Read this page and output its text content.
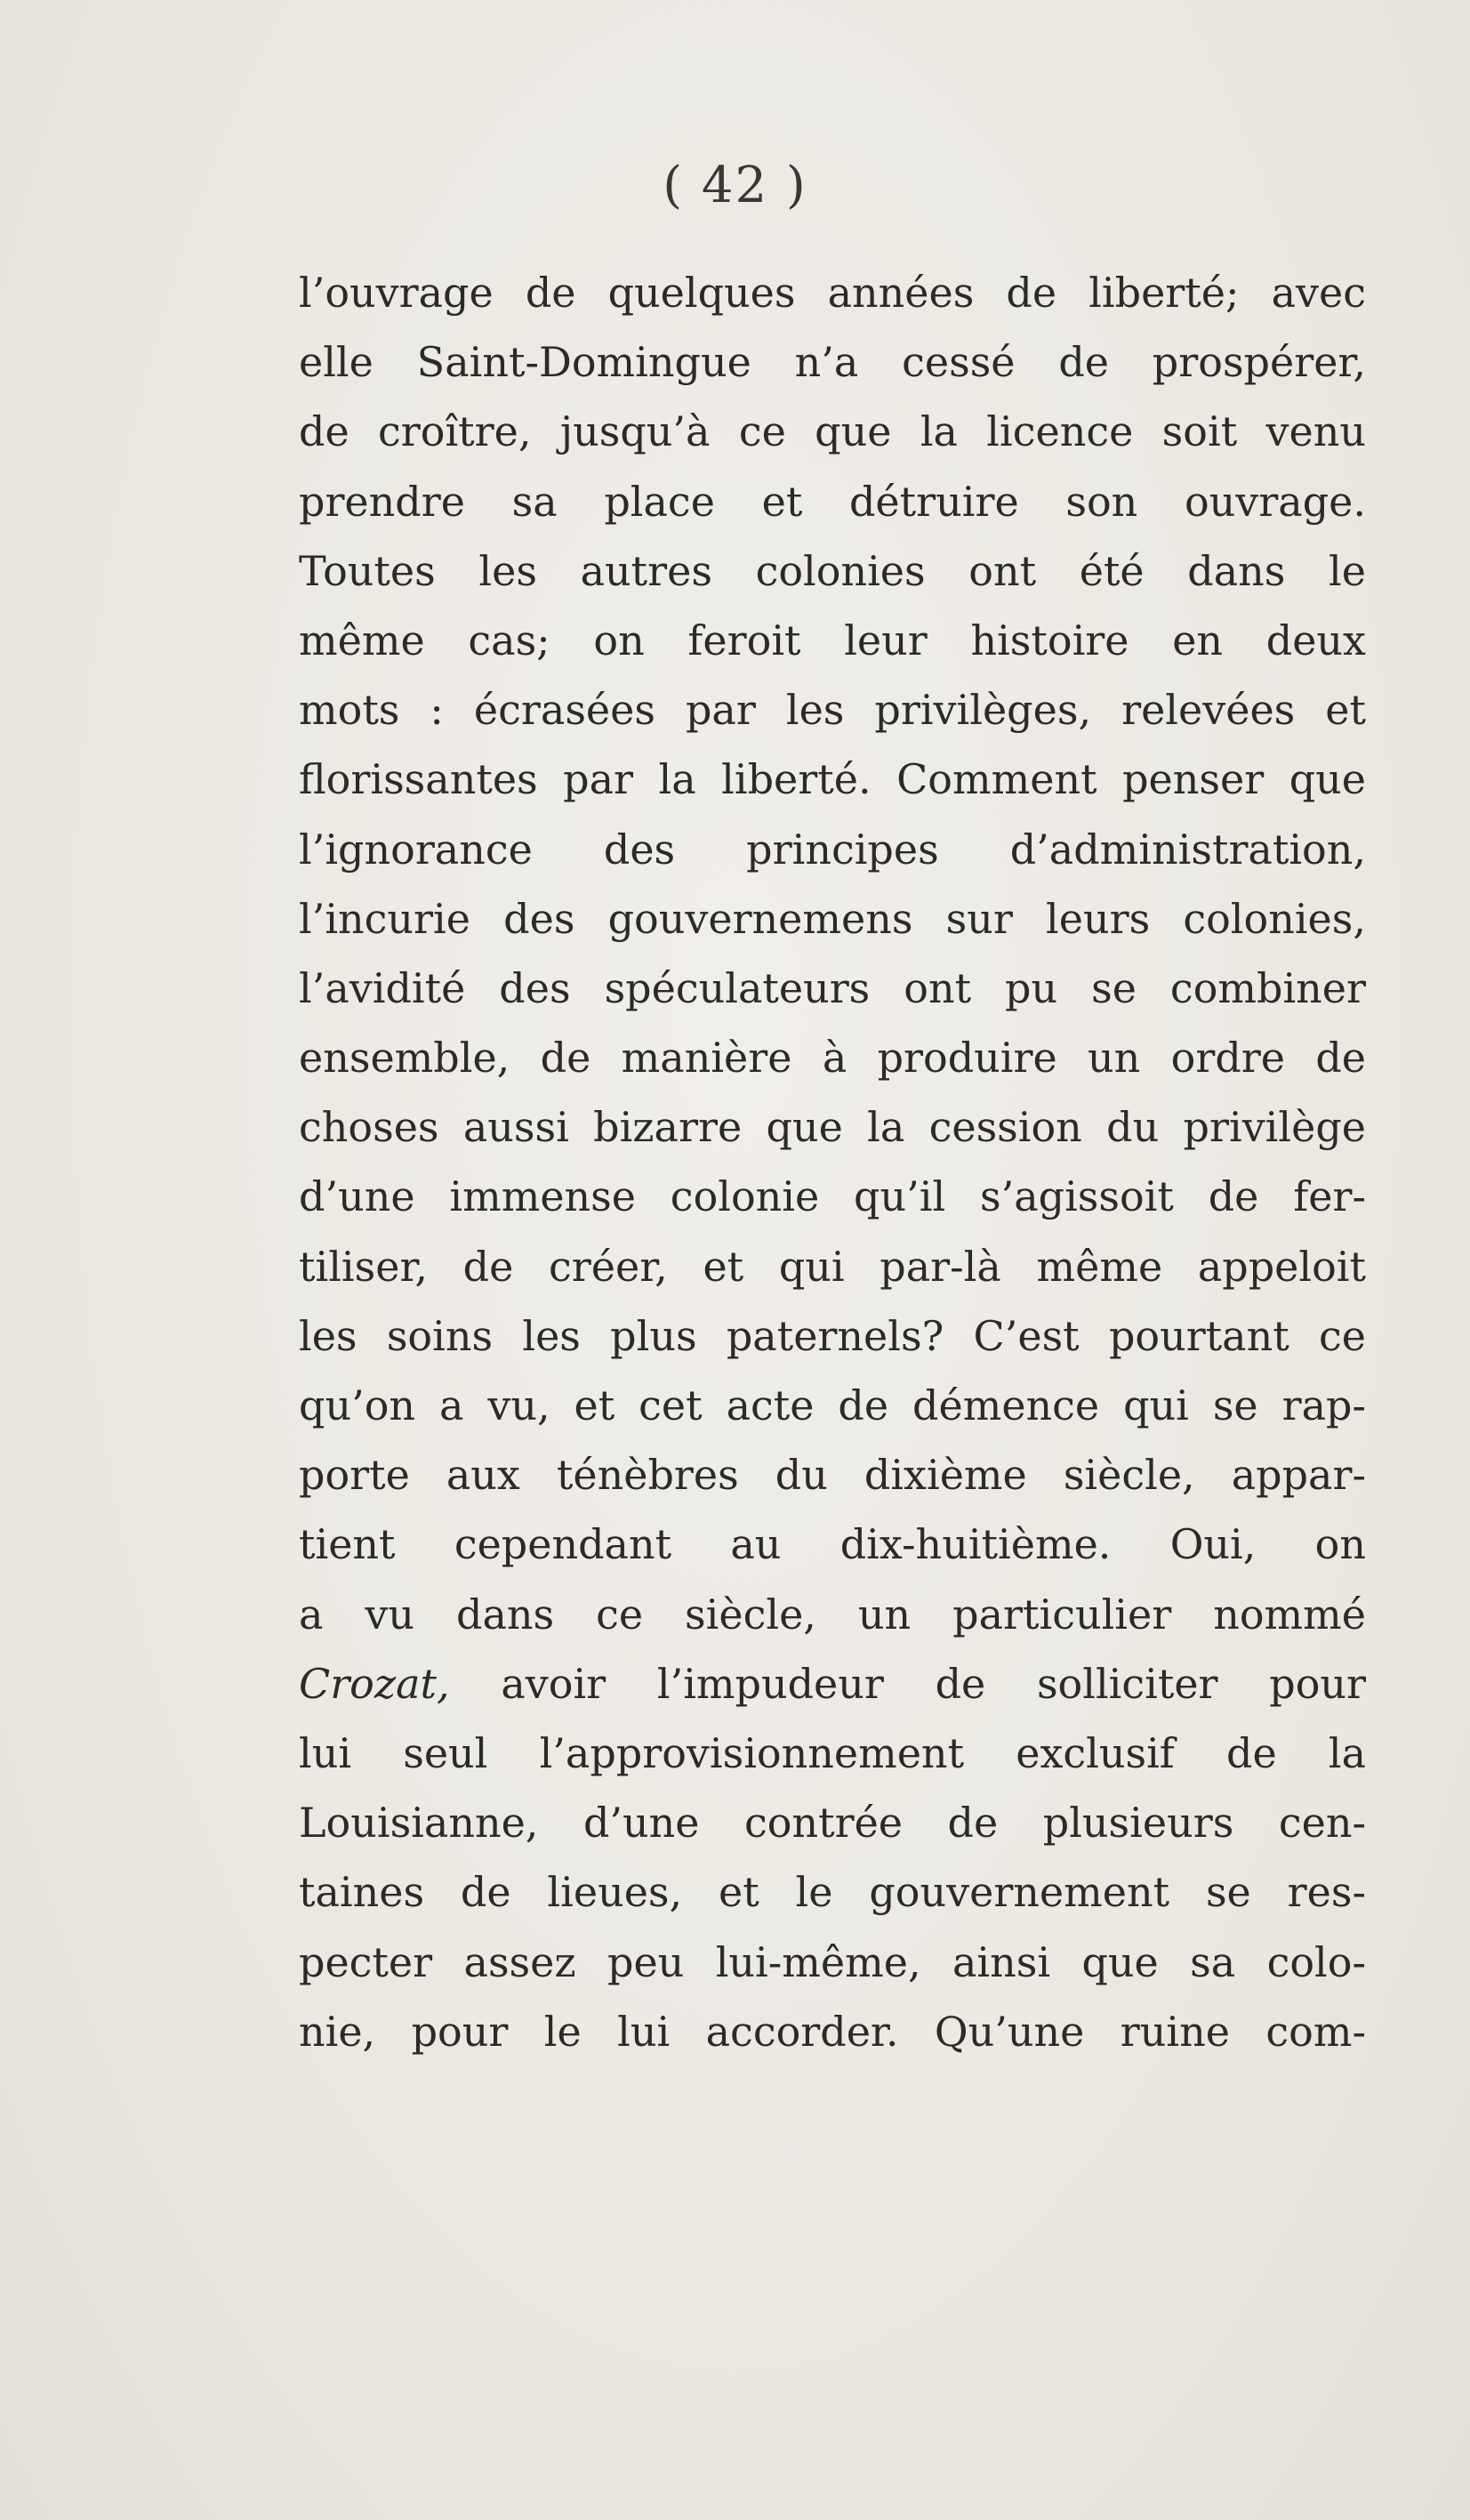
( 42 )
l’ouvrage de quelques années de liberté; avec
elle Saint-Domingue n’a cessé de prospérer,
de croître, jusqu’à ce que la licence soit venu
prendre sa place et détruire son ouvrage.
Toutes les autres colonies ont été dans le
même cas; on feroit leur histoire en deux
mots : écrasées par les privilèges, relevées et
florissantes par la liberté. Comment penser que
l’ignorance des principes d’administration,
l’incurie des gouvernemens sur leurs colonies,
l’avidité des spéculateurs ont pu se combiner
ensemble, de manière à produire un ordre de
choses aussi bizarre que la cession du privilège
d’une immense colonie qu’il s’agissoit de fer-
tiliser, de créer, et qui par-là même appeloit
les soins les plus paternels? C’est pourtant ce
qu’on a vu, et cet acte de démence qui se rap-
porte aux ténèbres du dixième siècle, appar-
tient cependant au dix-huitième. Oui, on
a vu dans ce siècle, un particulier nommé
Crozat, avoir l’impudeur de solliciter pour
lui seul l’approvisionnement exclusif de la
Louisianne, d’une contrée de plusieurs cen-
taines de lieues, et le gouvernement se res-
pecter assez peu lui-même, ainsi que sa colo-
nie, pour le lui accorder. Qu’une ruine com-
